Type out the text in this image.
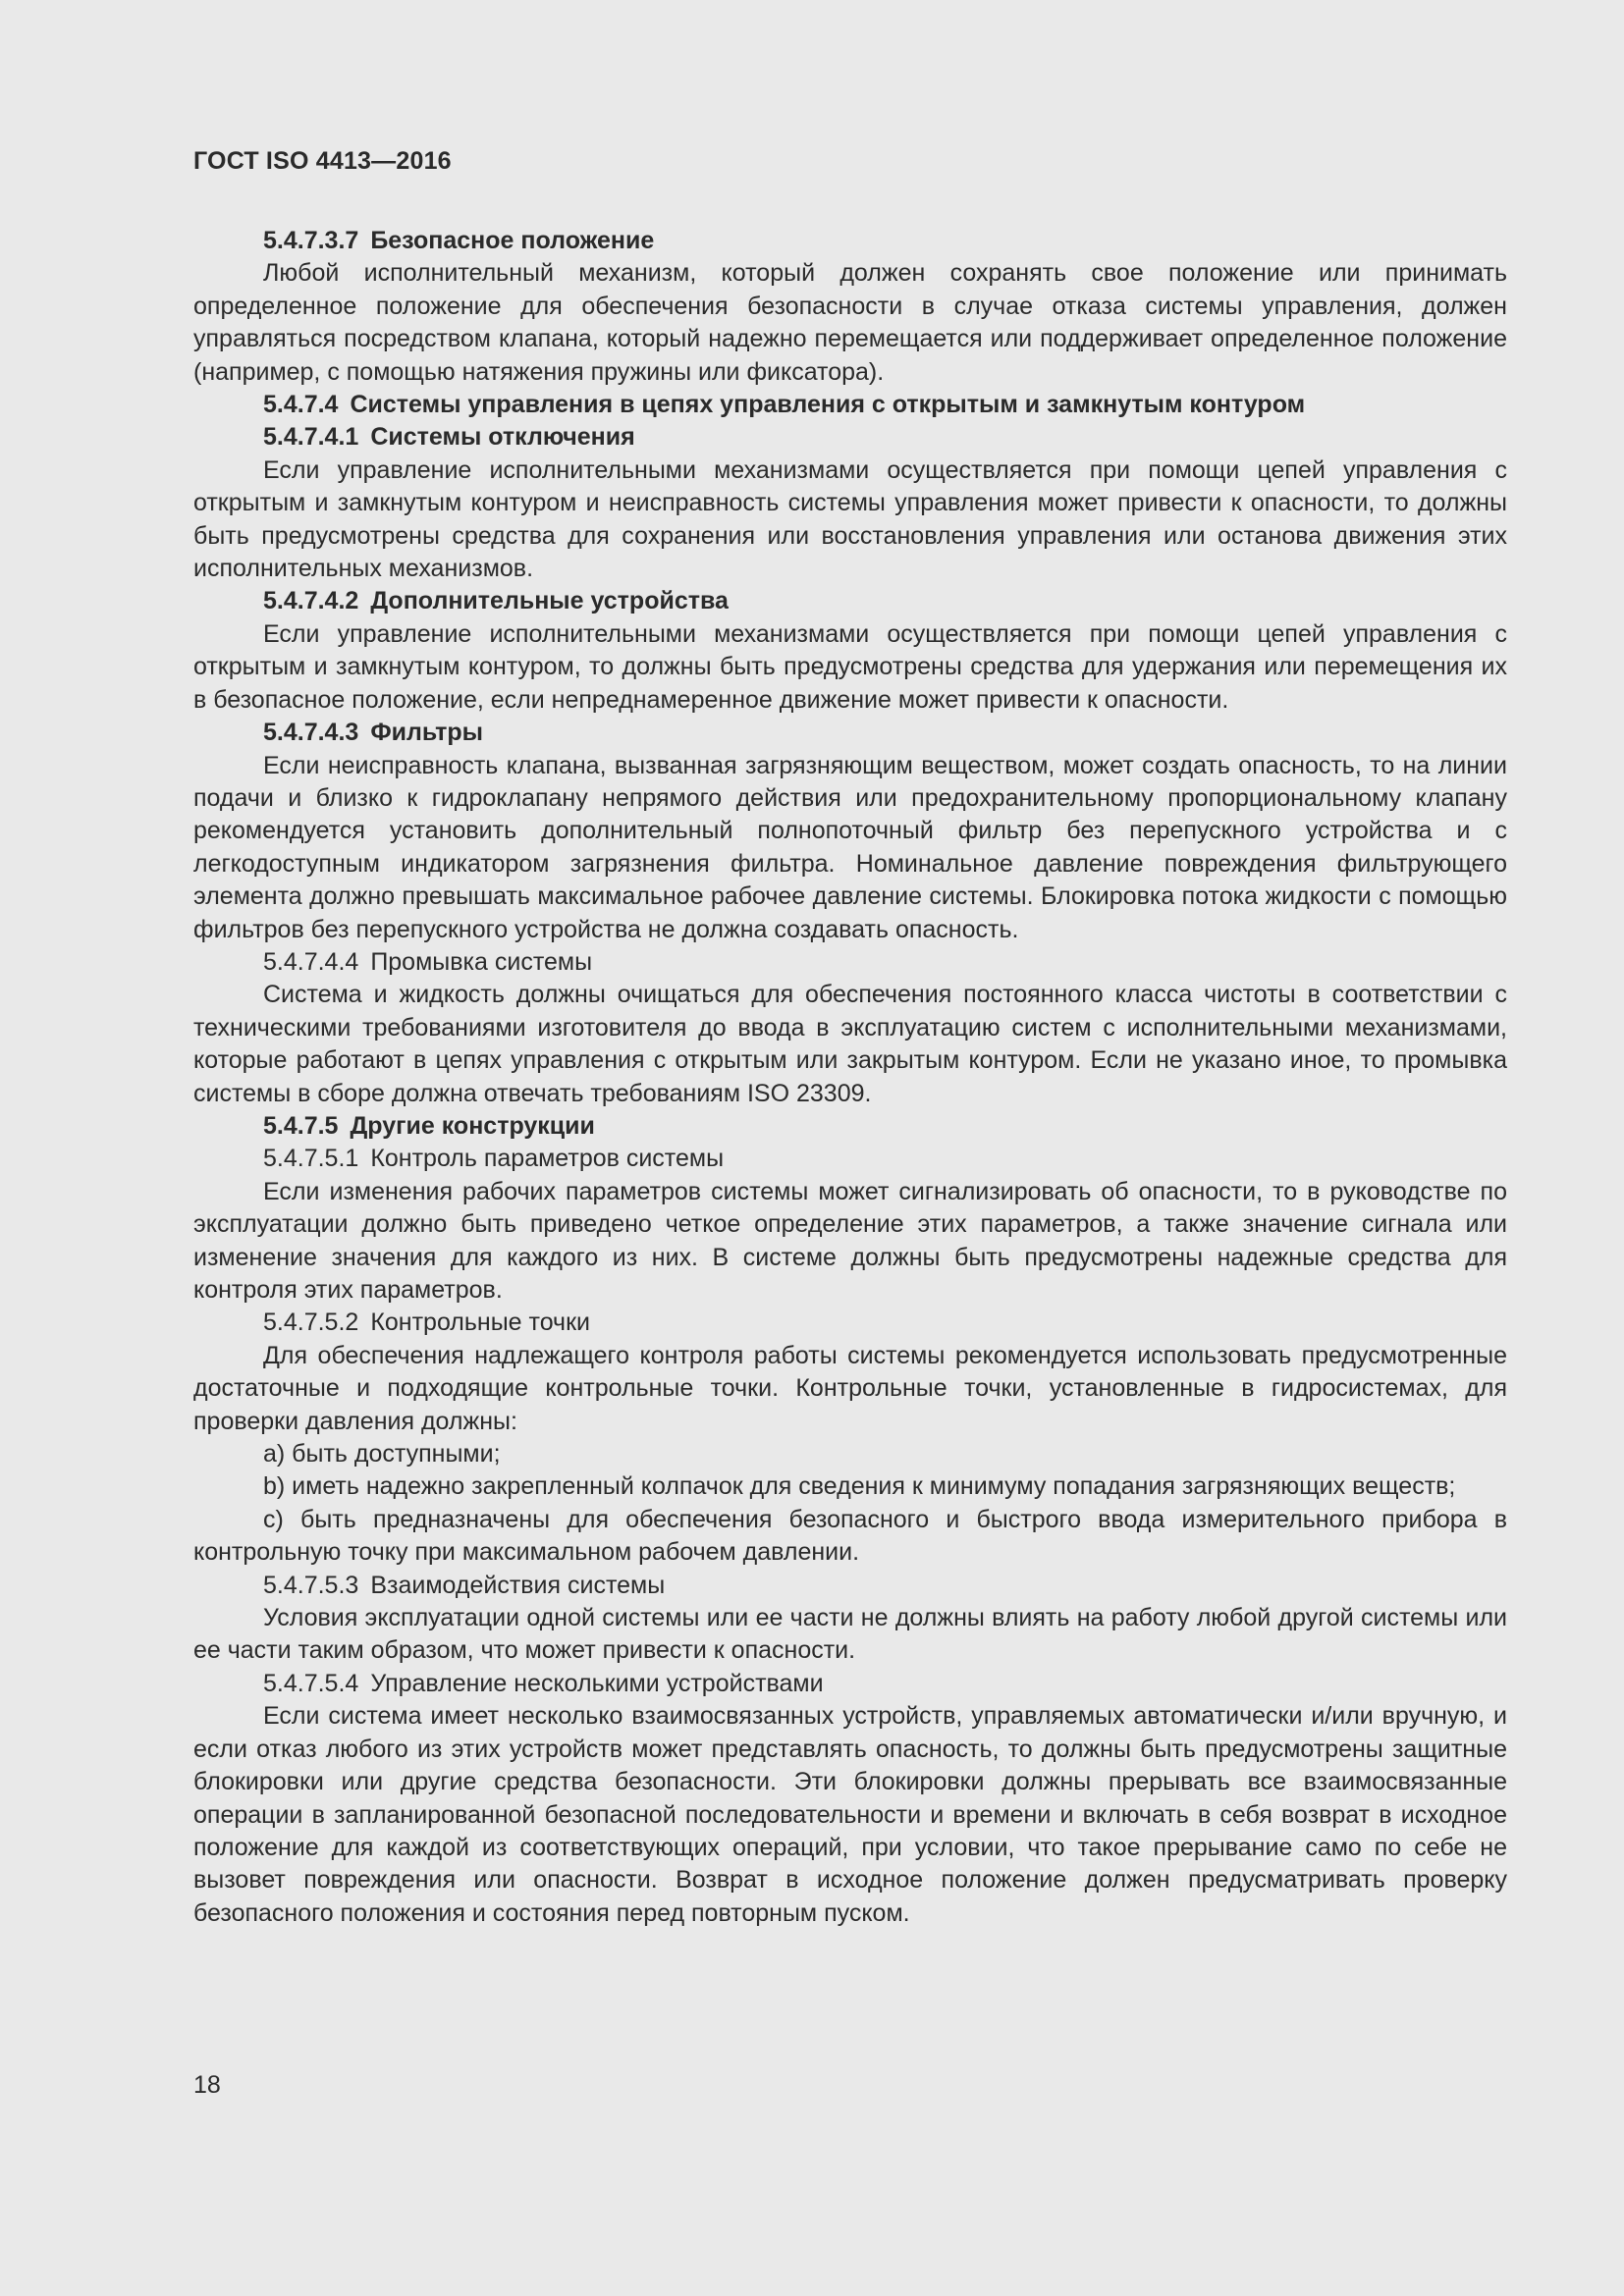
ГОСТ ISO 4413—2016

5.4.7.3.7 Безопасное положение

Любой исполнительный механизм, который должен сохранять свое положение или принимать определенное положение для обеспечения безопасности в случае отказа системы управления, должен управляться посредством клапана, который надежно перемещается или поддерживает определенное положение (например, с помощью натяжения пружины или фиксатора).

5.4.7.4 Системы управления в цепях управления с открытым и замкнутым контуром

5.4.7.4.1 Системы отключения

Если управление исполнительными механизмами осуществляется при помощи цепей управления с открытым и замкнутым контуром и неисправность системы управления может привести к опасности, то должны быть предусмотрены средства для сохранения или восстановления управления или останова движения этих исполнительных механизмов.

5.4.7.4.2 Дополнительные устройства

Если управление исполнительными механизмами осуществляется при помощи цепей управления с открытым и замкнутым контуром, то должны быть предусмотрены средства для удержания или перемещения их в безопасное положение, если непреднамеренное движение может привести к опасности.

5.4.7.4.3 Фильтры

Если неисправность клапана, вызванная загрязняющим веществом, может создать опасность, то на линии подачи и близко к гидроклапану непрямого действия или предохранительному пропорциональному клапану рекомендуется установить дополнительный полнопоточный фильтр без перепускного устройства и с легкодоступным индикатором загрязнения фильтра. Номинальное давление повреждения фильтрующего элемента должно превышать максимальное рабочее давление системы. Блокировка потока жидкости с помощью фильтров без перепускного устройства не должна создавать опасность.

5.4.7.4.4 Промывка системы

Система и жидкость должны очищаться для обеспечения постоянного класса чистоты в соответствии с техническими требованиями изготовителя до ввода в эксплуатацию систем с исполнительными механизмами, которые работают в цепях управления с открытым или закрытым контуром. Если не указано иное, то промывка системы в сборе должна отвечать требованиям ISO 23309.

5.4.7.5 Другие конструкции

5.4.7.5.1 Контроль параметров системы

Если изменения рабочих параметров системы может сигнализировать об опасности, то в руководстве по эксплуатации должно быть приведено четкое определение этих параметров, а также значение сигнала или изменение значения для каждого из них. В системе должны быть предусмотрены надежные средства для контроля этих параметров.

5.4.7.5.2 Контрольные точки

Для обеспечения надлежащего контроля работы системы рекомендуется использовать предусмотренные достаточные и подходящие контрольные точки. Контрольные точки, установленные в гидросистемах, для проверки давления должны:

а) быть доступными;

b) иметь надежно закрепленный колпачок для сведения к минимуму попадания загрязняющих веществ;

с) быть предназначены для обеспечения безопасного и быстрого ввода измерительного прибора в контрольную точку при максимальном рабочем давлении.

5.4.7.5.3 Взаимодействия системы

Условия эксплуатации одной системы или ее части не должны влиять на работу любой другой системы или ее части таким образом, что может привести к опасности.

5.4.7.5.4 Управление несколькими устройствами

Если система имеет несколько взаимосвязанных устройств, управляемых автоматически и/или вручную, и если отказ любого из этих устройств может представлять опасность, то должны быть предусмотрены защитные блокировки или другие средства безопасности. Эти блокировки должны прерывать все взаимосвязанные операции в запланированной безопасной последовательности и времени и включать в себя возврат в исходное положение для каждой из соответствующих операций, при условии, что такое прерывание само по себе не вызовет повреждения или опасности. Возврат в исходное положение должен предусматривать проверку безопасного положения и состояния перед повторным пуском.

18
